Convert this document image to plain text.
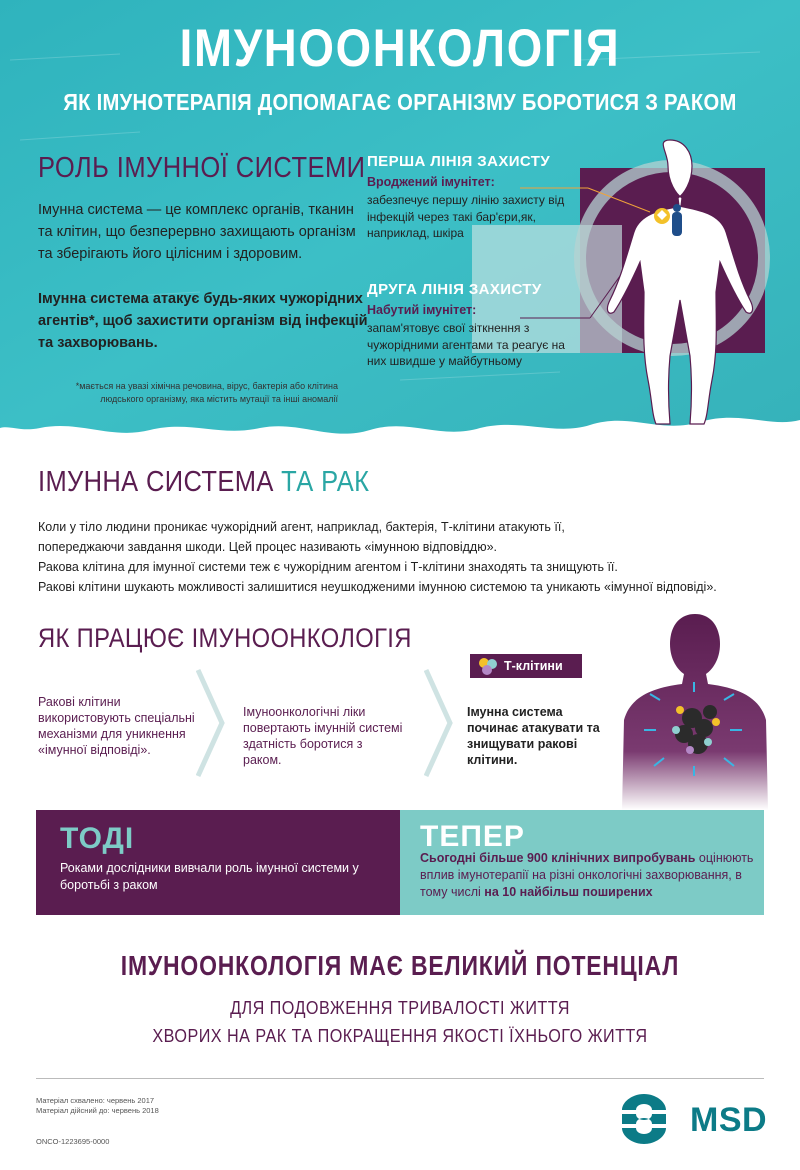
ІМУНООНКОЛОГІЯ
ЯК ІМУНОТЕРАПІЯ ДОПОМАГАЄ ОРГАНІЗМУ БОРОТИСЯ З РАКОМ
РОЛЬ ІМУННОЇ СИСТЕМИ
Імунна система — це комплекс органів, тканин та клітин, що безперервно захищають організм та зберігають його цілісним і здоровим.
Імунна система атакує будь-яких чужорідних агентів*, щоб захистити організм від інфекцій та захворювань.
*мається на увазі хімічна речовина, вірус, бактерія або клітина людського організму, яка містить мутації та інші аномалії
ПЕРША ЛІНІЯ ЗАХИСТУ
Вроджений імунітет:
забезпечує першу лінію захисту від інфекцій через такі бар'єри,як, наприклад, шкіра
ДРУГА ЛІНІЯ ЗАХИСТУ
Набутий імунітет:
запам'ятовує свої зіткнення з чужорідними агентами та реагує на них швидше у майбутньому
ІМУННА СИСТЕМА ТА РАК
Коли у тіло людини проникає чужорідний агент, наприклад, бактерія, Т-клітини атакують її, попереджаючи завдання шкоди. Цей процес називають «імунною відповіддю».
Ракова клітина для імунної системи теж є чужорідним агентом і Т-клітини знаходять та знищують її.
Ракові клітини шукають можливості залишитися неушкодженими імунною системою та уникають «імунної відповіді».
ЯК ПРАЦЮЄ ІМУНООНКОЛОГІЯ
Ракові клітини використовують спеціальні механізми для уникнення «імунної відповіді».
Імуноонкологічні ліки повертають імунній системі здатність боротися з раком.
Т-клітини
Імунна система починає атакувати та знищувати ракові клітини.
ТОДІ
Роками дослідники вивчали роль імунної системи у боротьбі з раком
ТЕПЕР
Сьогодні більше 900 клінічних випробувань оцінюють вплив імунотерапії на різні онкологічні захворювання, в тому числі на 10 найбільш поширених
ІМУНООНКОЛОГІЯ МАЄ ВЕЛИКИЙ ПОТЕНЦІАЛ
ДЛЯ ПОДОВЖЕННЯ ТРИВАЛОСТІ ЖИТТЯ
ХВОРИХ НА РАК ТА ПОКРАЩЕННЯ ЯКОСТІ ЇХНЬОГО ЖИТТЯ
Матеріал схвалено: червень 2017
Матеріал дійсний до: червень 2018
ONCO-1223695-0000
MSD
